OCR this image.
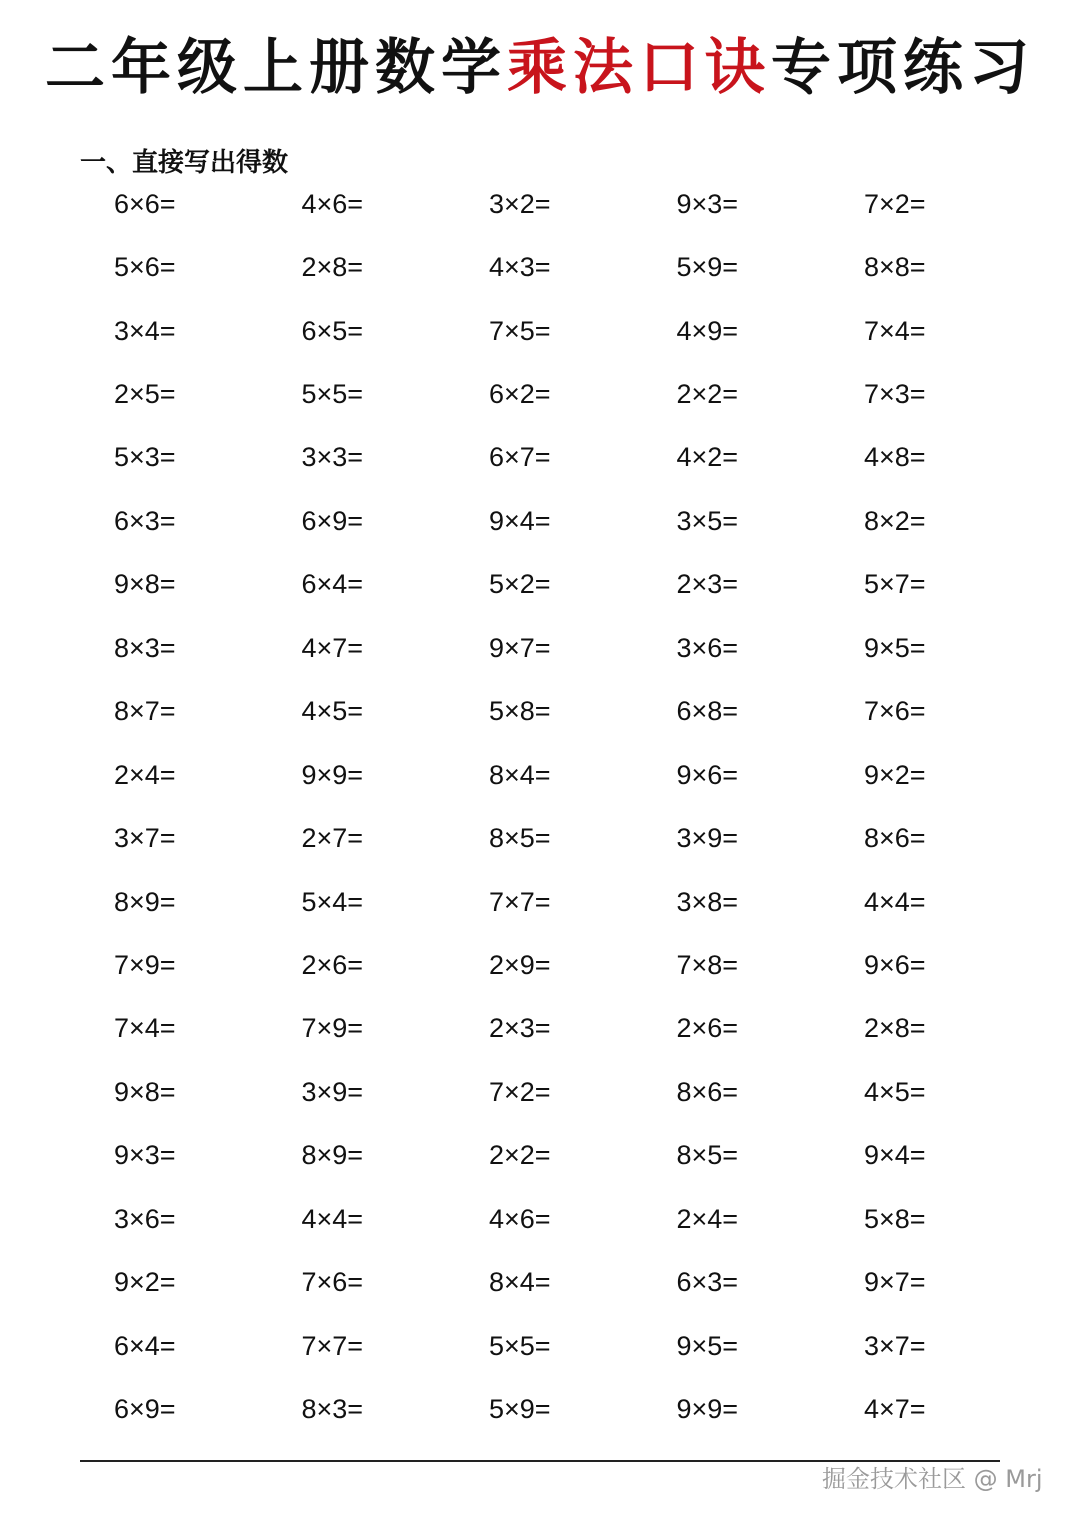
二年级上册数学乘法口诀专项练习
一、直接写出得数
6×6=	4×6=	3×2=	9×3=	7×2=
5×6=	2×8=	4×3=	5×9=	8×8=
3×4=	6×5=	7×5=	4×9=	7×4=
2×5=	5×5=	6×2=	2×2=	7×3=
5×3=	3×3=	6×7=	4×2=	4×8=
6×3=	6×9=	9×4=	3×5=	8×2=
9×8=	6×4=	5×2=	2×3=	5×7=
8×3=	4×7=	9×7=	3×6=	9×5=
8×7=	4×5=	5×8=	6×8=	7×6=
2×4=	9×9=	8×4=	9×6=	9×2=
3×7=	2×7=	8×5=	3×9=	8×6=
8×9=	5×4=	7×7=	3×8=	4×4=
7×9=	2×6=	2×9=	7×8=	9×6=
7×4=	7×9=	2×3=	2×6=	2×8=
9×8=	3×9=	7×2=	8×6=	4×5=
9×3=	8×9=	2×2=	8×5=	9×4=
3×6=	4×4=	4×6=	2×4=	5×8=
9×2=	7×6=	8×4=	6×3=	9×7=
6×4=	7×7=	5×5=	9×5=	3×7=
6×9=	8×3=	5×9=	9×9=	4×7=
掘金技术社区 @ Mrj
